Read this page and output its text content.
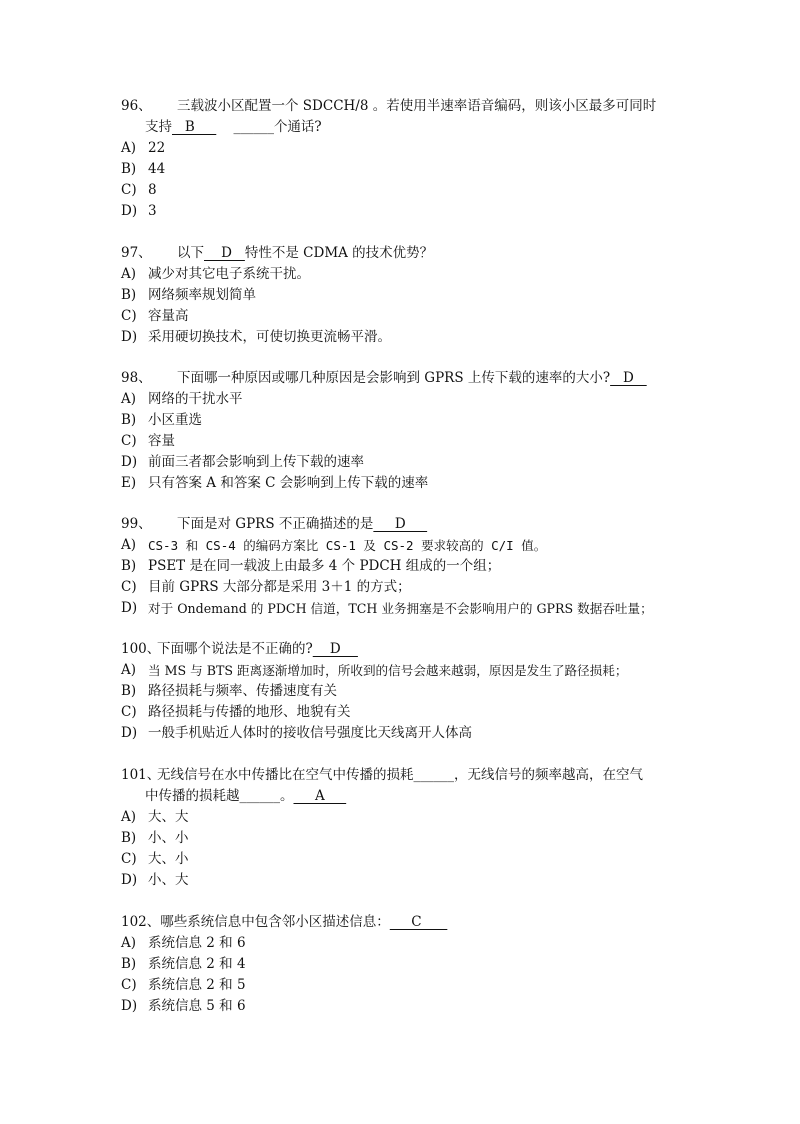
96、	三载波小区配置一个 SDCCH/8 。若使用半速率语音编码，则该小区最多可同时
支持   B         ______个通话?
A) 22
B) 44
C) 8
D) 3
97、	以下    D   特性不是 CDMA 的技术优势？
A) 减少对其它电子系统干扰。
B) 网络频率规划简单
C) 容量高
D) 采用硬切换技术，可使切换更流畅平滑。
98、	下面哪一种原因或哪几种原因是会影响到 GPRS 上传下载的速率的大小?   D
A) 网络的干扰水平
B) 小区重选
C) 容量
D) 前面三者都会影响到上传下载的速率
E) 只有答案 A 和答案 C 会影响到上传下载的速率
99、	下面是对 GPRS 不正确描述的是     D
A) CS-3 和 CS-4 的编码方案比 CS-1 及 CS-2 要求较高的 C/I 值。
B) PSET 是在同一载波上由最多 4 个 PDCH 组成的一个组；
C) 目前 GPRS 大部分都是采用 3＋1 的方式；
D) 对于 Ondemand 的 PDCH 信道，TCH 业务拥塞是不会影响用户的 GPRS 数据吞吐量；
100、
下面哪个说法是不正确的?    D
A) 当 MS 与 BTS 距离逐渐增加时，所收到的信号会越来越弱，原因是发生了路径损耗；
B) 路径损耗与频率、传播速度有关
C) 路径损耗与传播的地形、地貌有关
D) 一般手机贴近人体时的接收信号强度比天线离开人体高
101、
无线信号在水中传播比在空气中传播的损耗______，无线信号的频率越高，在空气
中传播的损耗越______。     A
A) 大、大
B) 小、小
C) 大、小
D) 小、大
102、哪些系统信息中包含邻小区描述信息：     C
A) 系统信息 2 和 6
B) 系统信息 2 和 4
C) 系统信息 2 和 5
D) 系统信息 5 和 6
